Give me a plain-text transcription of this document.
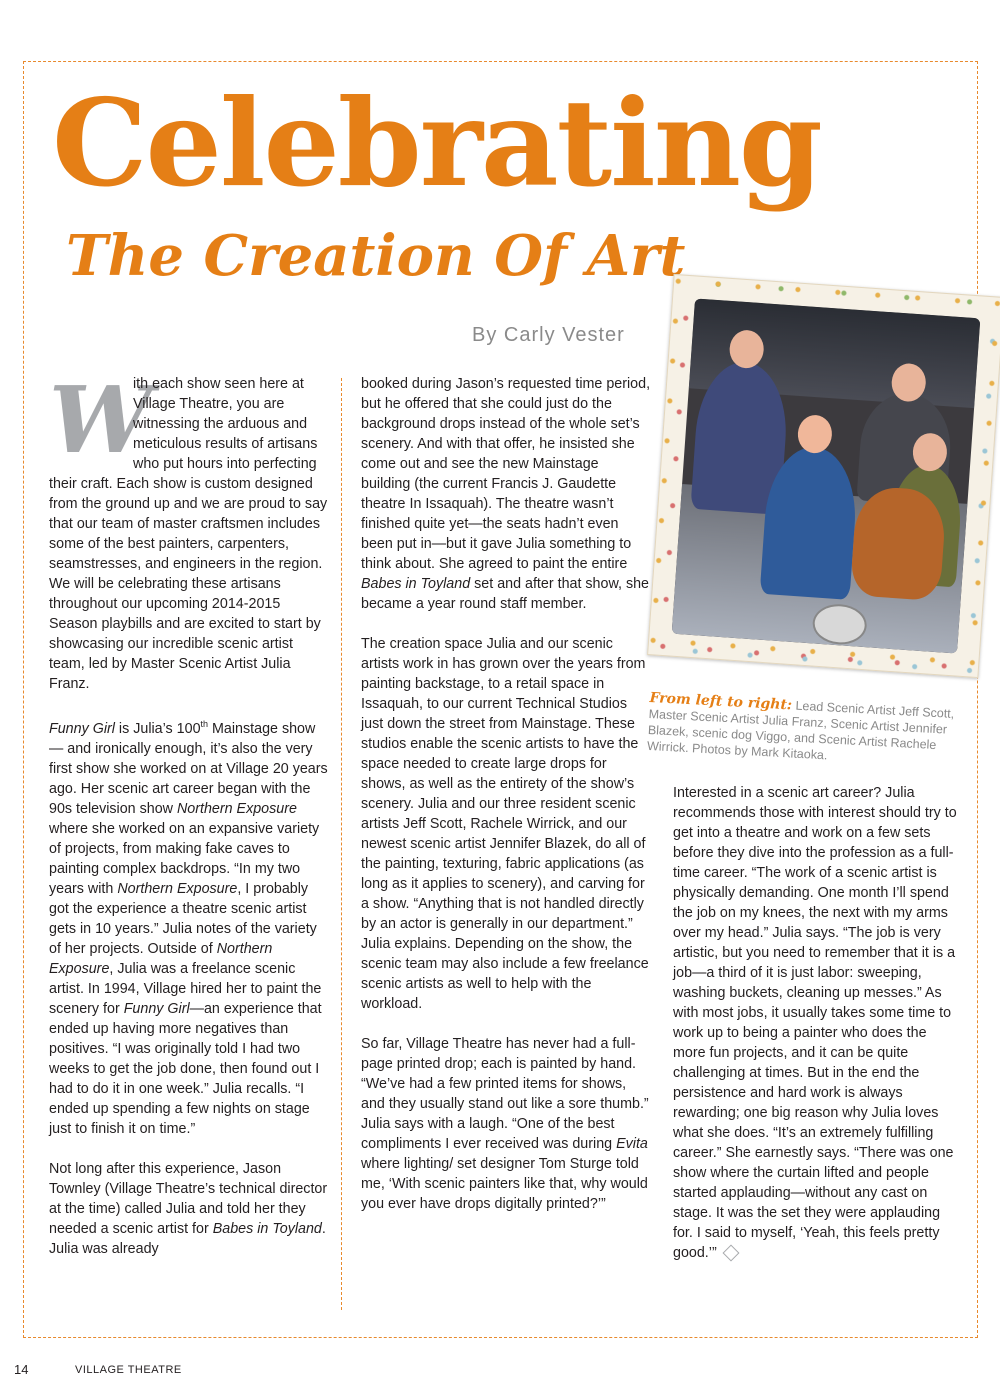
Celebrating
The Creation Of Art
By Carly Vester

W
ith each show seen here at Village Theatre, you are witnessing the arduous and meticulous results of artisans who put hours into perfecting their craft. Each show is custom designed from the ground up and we are proud to say that our team of master craftsmen includes some of the best painters, carpenters, seamstresses, and engineers in the region. We will be celebrating these artisans throughout our upcoming 2014-2015 Season playbills and are excited to start by showcasing our incredible scenic artist team, led by Master Scenic Artist Julia Franz.

Funny Girl is Julia’s 100th Mainstage show— and ironically enough, it’s also the very first show she worked on at Village 20 years ago. Her scenic art career began with the 90s television show Northern Exposure where she worked on an expansive variety of projects, from making fake caves to painting complex backdrops. “In my two years with Northern Exposure, I probably got the experience a theatre scenic artist gets in 10 years.” Julia notes of the variety of her projects. Outside of Northern Exposure, Julia was a freelance scenic artist. In 1994, Village hired her to paint the scenery for Funny Girl—an experience that ended up having more negatives than positives. “I was originally told I had two weeks to get the job done, then found out I had to do it in one week.” Julia recalls. “I ended up spending a few nights on stage just to finish it on time.”

Not long after this experience, Jason Townley (Village Theatre’s technical director at the time) called Julia and told her they needed a scenic artist for Babes in Toyland. Julia was already

booked during Jason’s requested time period, but he offered that she could just do the background drops instead of the whole set’s scenery. And with that offer, he insisted she come out and see the new Mainstage building (the current Francis J. Gaudette theatre In Issaquah). The theatre wasn’t finished quite yet—the seats hadn’t even been put in—but it gave Julia something to think about. She agreed to paint the entire Babes in Toyland set and after that show, she became a year round staff member.

The creation space Julia and our scenic artists work in has grown over the years from painting backstage, to a retail space in Issaquah, to our current Technical Studios just down the street from Mainstage. These studios enable the scenic artists to have the space needed to create large drops for shows, as well as the entirety of the show’s scenery. Julia and our three resident scenic artists Jeff Scott, Rachele Wirrick, and our newest scenic artist Jennifer Blazek, do all of the painting, texturing, fabric applications (as long as it applies to scenery), and carving for a show. “Anything that is not handled directly by an actor is generally in our department.” Julia explains. Depending on the show, the scenic team may also include a few freelance scenic artists as well to help with the workload.

So far, Village Theatre has never had a full-page printed drop; each is painted by hand. “We’ve had a few printed items for shows, and they usually stand out like a sore thumb.” Julia says with a laugh. “One of the best compliments I ever received was during Evita where lighting/ set designer Tom Sturge told me, ‘With scenic painters like that, why would you ever have drops digitally printed?’”

From left to right: Lead Scenic Artist Jeff Scott, Master Scenic Artist Julia Franz, Scenic Artist Jennifer Blazek, scenic dog Viggo, and Scenic Artist Rachele Wirrick. Photos by Mark Kitaoka.

Interested in a scenic art career? Julia recommends those with interest should try to get into a theatre and work on a few sets before they dive into the profession as a full-time career. “The work of a scenic artist is physically demanding. One month I’ll spend the job on my knees, the next with my arms over my head.” Julia says. “The job is very artistic, but you need to remember that it is a job—a third of it is just labor: sweeping, washing buckets, cleaning up messes.” As with most jobs, it usually takes some time to work up to being a painter who does the more fun projects, and it can be quite challenging at times. But in the end the persistence and hard work is always rewarding; one big reason why Julia loves what she does. “It’s an extremely fulfilling career.” She earnestly says. “There was one show where the curtain lifted and people started applauding—without any cast on stage. It was the set they were applauding for. I said to myself, ‘Yeah, this feels pretty good.’”

14	VILLAGE THEATRE
